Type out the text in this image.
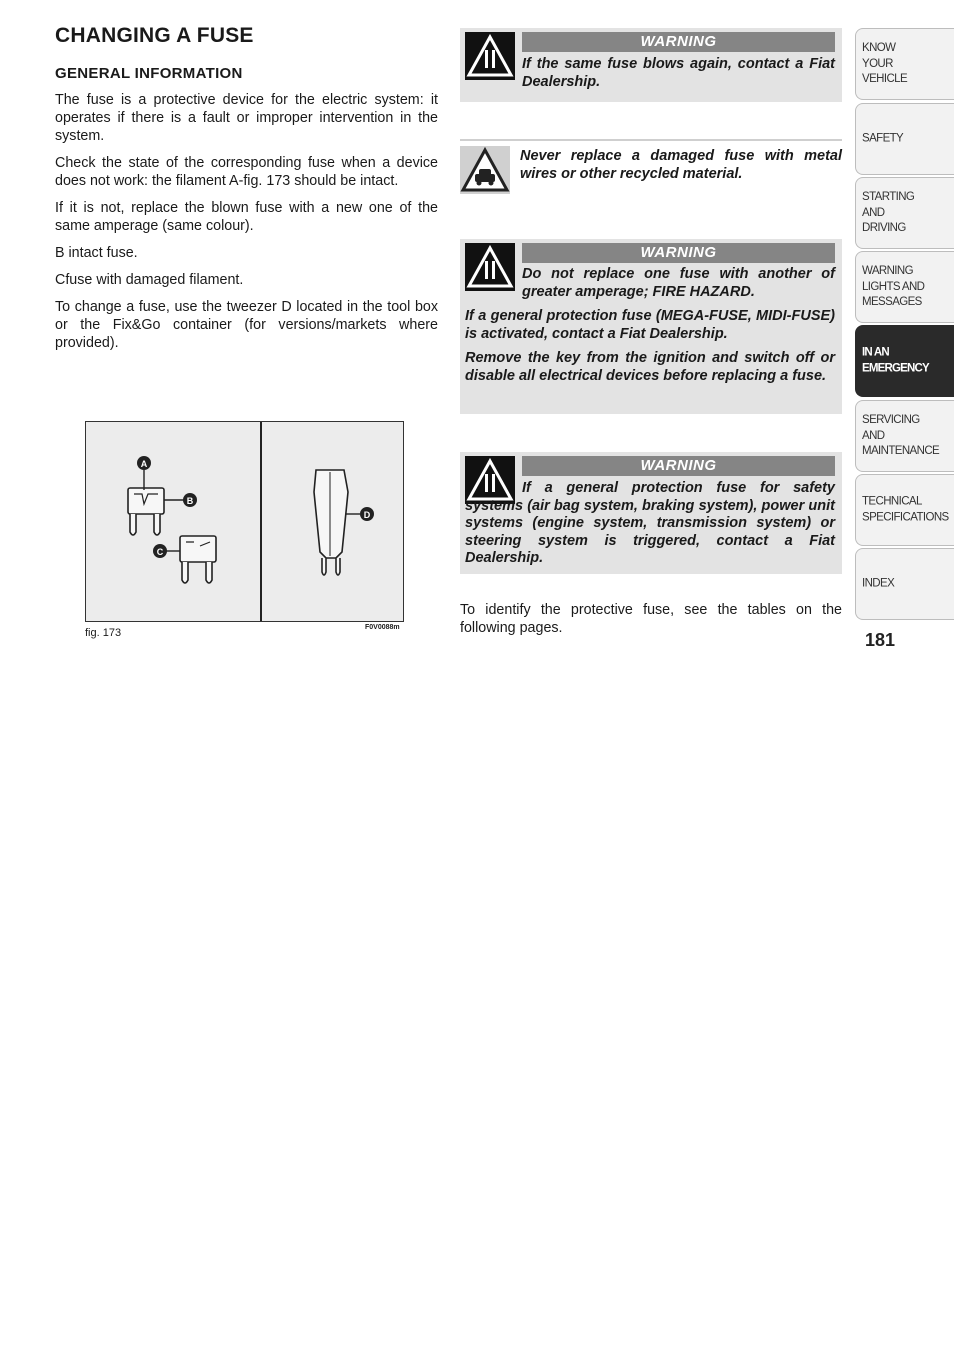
CHANGING A FUSE
GENERAL INFORMATION

The fuse is a protective device for the electric system: it operates if there is a fault or improper intervention in the system.

Check the state of the corresponding fuse when a device does not work: the filament A-fig. 173 should be intact.

If it is not, replace the blown fuse with a new one of the same amperage (same colour).

B intact fuse.

Cfuse with damaged filament.

To change a fuse, use the tweezer D located in the tool box or the Fix&Go container (for versions/markets where provided).

A
B
C
D
fig. 173	F0V0088m
WARNING

If the same fuse blows again, contact a Fiat Dealership.

Never replace a damaged fuse with metal wires or other recycled material.

WARNING

Do not replace one fuse with another of greater amperage; FIRE HAZARD.

If a general protection fuse (MEGA-FUSE, MIDI-FUSE) is activated, contact a Fiat Dealership.

Remove the key from the ignition and switch off or disable all electrical devices before replacing a fuse.

WARNING

If a general protection fuse for safety systems (air bag system, braking system), power unit systems (engine system, transmission system) or steering system is triggered, contact a Fiat Dealership.

To identify the protective fuse, see the tables on the following pages.

KNOW
YOUR
VEHICLE
SAFETY
STARTING
AND
DRIVING
WARNING
LIGHTS AND
MESSAGES
IN AN
EMERGENCY
SERVICING
AND
MAINTENANCE
TECHNICAL
SPECIFICATIONS
INDEX
181
